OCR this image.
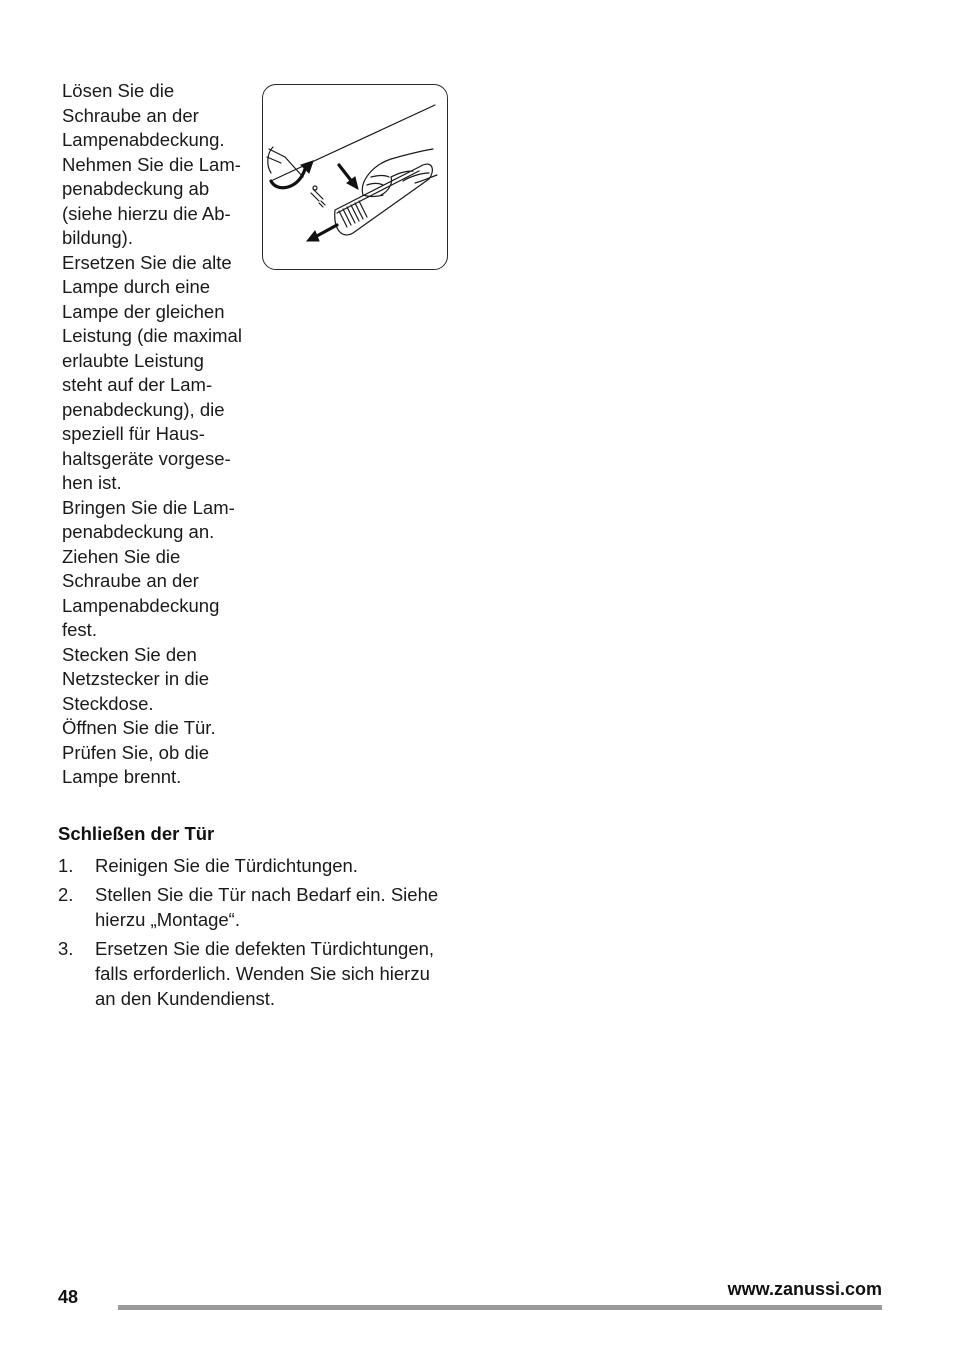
Lösen Sie die
Schraube an der
Lampenabdeckung.
Nehmen Sie die Lam-
penabdeckung ab
(siehe hierzu die Ab-
bildung).
Ersetzen Sie die alte
Lampe durch eine
Lampe der gleichen
Leistung (die maximal
erlaubte Leistung
steht auf der Lam-
penabdeckung), die
speziell für Haus-
haltsgeräte vorgese-
hen ist.
Bringen Sie die Lam-
penabdeckung an.
Ziehen Sie die
Schraube an der
Lampenabdeckung
fest.
Stecken Sie den
Netzstecker in die
Steckdose.
Öffnen Sie die Tür.
Prüfen Sie, ob die
Lampe brennt.
Schließen der Tür
1. Reinigen Sie die Türdichtungen.
2. Stellen Sie die Tür nach Bedarf ein. Siehe
hierzu „Montage“.
3. Ersetzen Sie die defekten Türdichtungen,
falls erforderlich. Wenden Sie sich hierzu
an den Kundendienst.
48	www.zanussi.com
